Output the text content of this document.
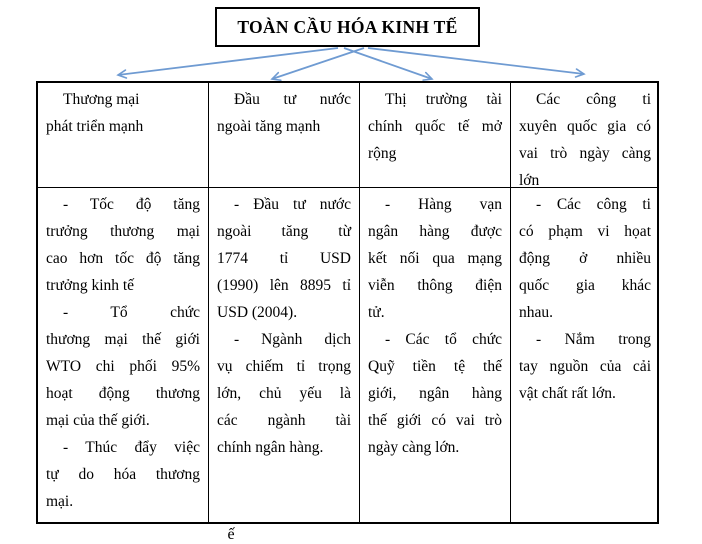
TOÀN CẦU HÓA KINH TẾ
Thương mại
phát triển mạnh
Đầu tư nước
ngoài tăng mạnh
Thị trường tài
chính quốc tế mở
rộng
Các công ti
xuyên quốc gia có
vai trò ngày càng
lớn
- Tốc độ tăng
trưởng thương mại
cao hơn tốc độ tăng
trưởng kinh tế
- Tổ chức
thương mại thế giới
WTO chi phối 95%
hoạt động thương
mại của thế giới.
- Thúc đẩy việc
tự do hóa thương
mại.
- Đầu tư nước
ngoài tăng từ
1774 tỉ USD
(1990) lên 8895 tỉ
USD (2004).
- Ngành dịch
vụ chiếm tỉ trọng
lớn, chủ yếu là
các ngành tài
chính ngân hàng.
- Hàng vạn
ngân hàng được
kết nối qua mạng
viễn thông điện
tử.
- Các tổ chức
Quỹ tiền tệ thế
giới, ngân hàng
thế giới có vai trò
ngày càng lớn.
- Các công ti
có phạm vi họat
động ở nhiều
quốc gia khác
nhau.
- Nắm trong
tay nguồn của cải
vật chất rất lớn.
ế
